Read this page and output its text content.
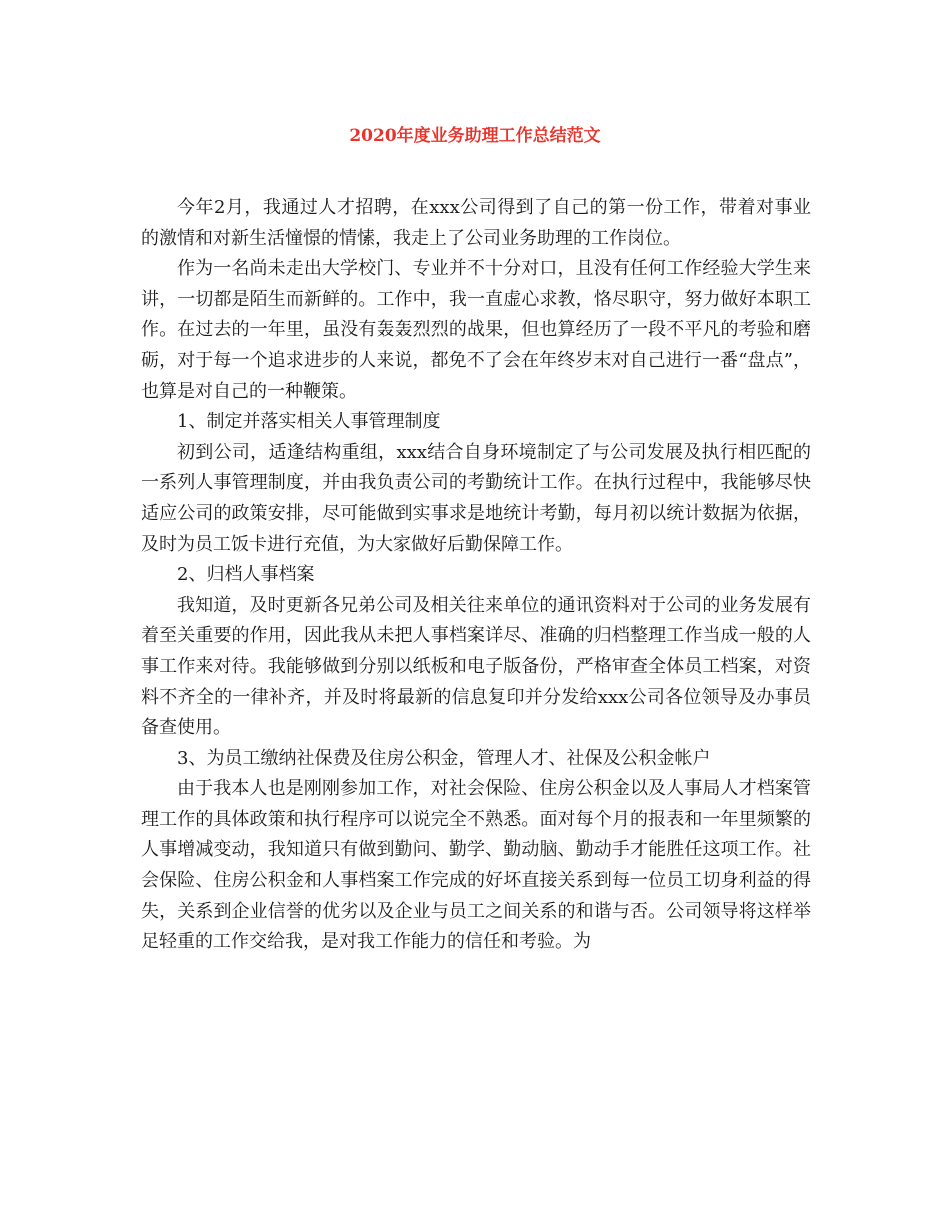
2020年度业务助理工作总结范文

今年2月，我通过人才招聘，在xxx公司得到了自己的第一份工作，带着对事业的激情和对新生活憧憬的情愫，我走上了公司业务助理的工作岗位。

作为一名尚未走出大学校门、专业并不十分对口，且没有任何工作经验大学生来讲，一切都是陌生而新鲜的。工作中，我一直虚心求教，恪尽职守，努力做好本职工作。在过去的一年里，虽没有轰轰烈烈的战果，但也算经历了一段不平凡的考验和磨砺，对于每一个追求进步的人来说，都免不了会在年终岁末对自己进行一番“盘点”，也算是对自己的一种鞭策。

1、制定并落实相关人事管理制度

初到公司，适逢结构重组，xxx结合自身环境制定了与公司发展及执行相匹配的一系列人事管理制度，并由我负责公司的考勤统计工作。在执行过程中，我能够尽快适应公司的政策安排，尽可能做到实事求是地统计考勤，每月初以统计数据为依据，及时为员工饭卡进行充值，为大家做好后勤保障工作。

2、归档人事档案

我知道，及时更新各兄弟公司及相关往来单位的通讯资料对于公司的业务发展有着至关重要的作用，因此我从未把人事档案详尽、准确的归档整理工作当成一般的人事工作来对待。我能够做到分别以纸板和电子版备份，严格审查全体员工档案，对资料不齐全的一律补齐，并及时将最新的信息复印并分发给xxx公司各位领导及办事员备查使用。

3、为员工缴纳社保费及住房公积金，管理人才、社保及公积金帐户

由于我本人也是刚刚参加工作，对社会保险、住房公积金以及人事局人才档案管理工作的具体政策和执行程序可以说完全不熟悉。面对每个月的报表和一年里频繁的人事增减变动，我知道只有做到勤问、勤学、勤动脑、勤动手才能胜任这项工作。社会保险、住房公积金和人事档案工作完成的好坏直接关系到每一位员工切身利益的得失，关系到企业信誉的优劣以及企业与员工之间关系的和谐与否。公司领导将这样举足轻重的工作交给我，是对我工作能力的信任和考验。为
